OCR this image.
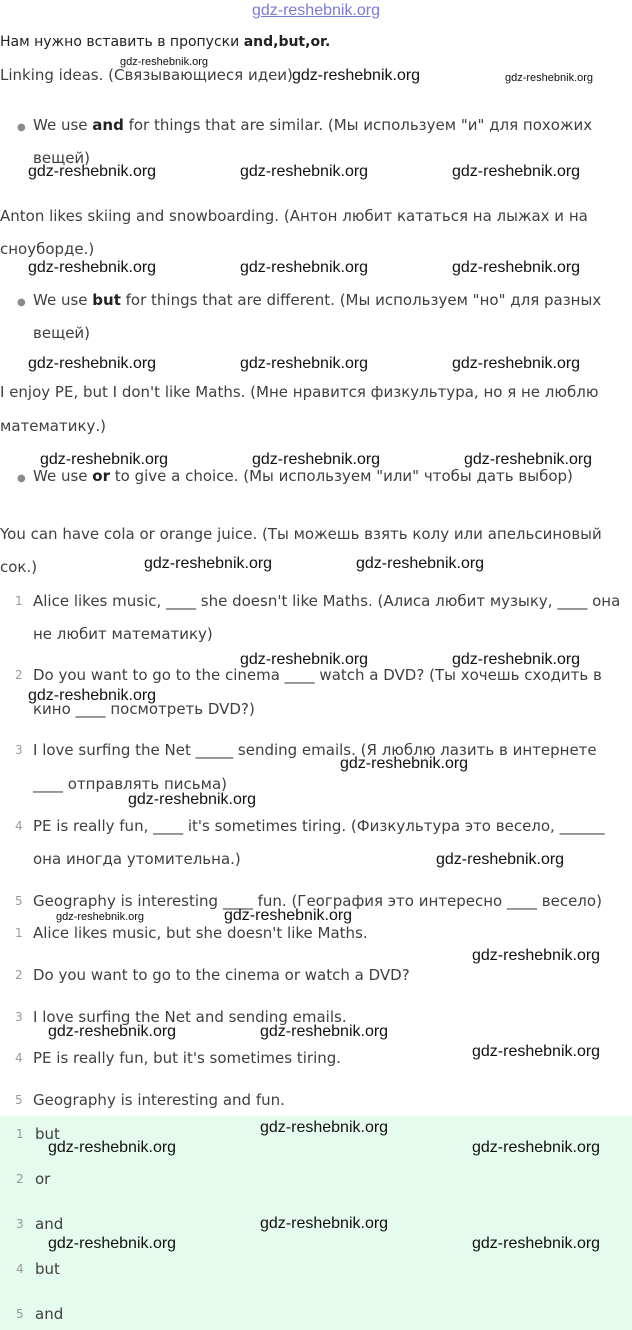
gdz-reshebnik.org
Нам нужно вставить в пропуски and,but,or.
Linking ideas. (Связывающиеся идеи)
● We use and for things that are similar. (Мы используем "и" для похожих
вещей)
Anton likes skiing and snowboarding. (Антон любит кататься на лыжах и на
сноуборде.)
● We use but for things that are different. (Мы используем "но" для разных
вещей)
I enjoy PE, but I don't like Maths. (Мне нравится физкультура, но я не люблю
математику.)
● We use or to give a choice. (Мы используем "или" чтобы дать выбор)
You can have cola or orange juice. (Ты можешь взять колу или апельсиновый
сок.)
1 Alice likes music, ____ she doesn't like Maths. (Алиса любит музыку, ____ она
не любит математику)
2 Do you want to go to the cinema ____ watch a DVD? (Ты хочешь сходить в
кино ____ посмотреть DVD?)
3 I love surfing the Net _____ sending emails. (Я люблю лазить в интернете
____ отправлять письма)
4 PE is really fun, ____ it's sometimes tiring. (Физкультура это весело, ______
она иногда утомительна.)
5 Geography is interesting ____ fun. (География это интересно ____ весело)
1 Alice likes music, but she doesn't like Maths.
2 Do you want to go to the cinema or watch a DVD?
3 I love surfing the Net and sending emails.
4 PE is really fun, but it's sometimes tiring.
5 Geography is interesting and fun.
1 but
2 or
3 and
4 but
5 and
gdz-reshebnik.org
gdz-reshebnik.org	gdz-reshebnik.org
gdz-reshebnik.org	gdz-reshebnik.org	gdz-reshebnik.org
gdz-reshebnik.org	gdz-reshebnik.org	gdz-reshebnik.org
gdz-reshebnik.org	gdz-reshebnik.org	gdz-reshebnik.org
gdz-reshebnik.org	gdz-reshebnik.org	gdz-reshebnik.org
gdz-reshebnik.org	gdz-reshebnik.org
gdz-reshebnik.org	gdz-reshebnik.org
gdz-reshebnik.org
gdz-reshebnik.org
gdz-reshebnik.org
gdz-reshebnik.org
gdz-reshebnik.org	gdz-reshebnik.org
gdz-reshebnik.org
gdz-reshebnik.org	gdz-reshebnik.org
gdz-reshebnik.org
gdz-reshebnik.org
gdz-reshebnik.org	gdz-reshebnik.org
gdz-reshebnik.org
gdz-reshebnik.org	gdz-reshebnik.org
